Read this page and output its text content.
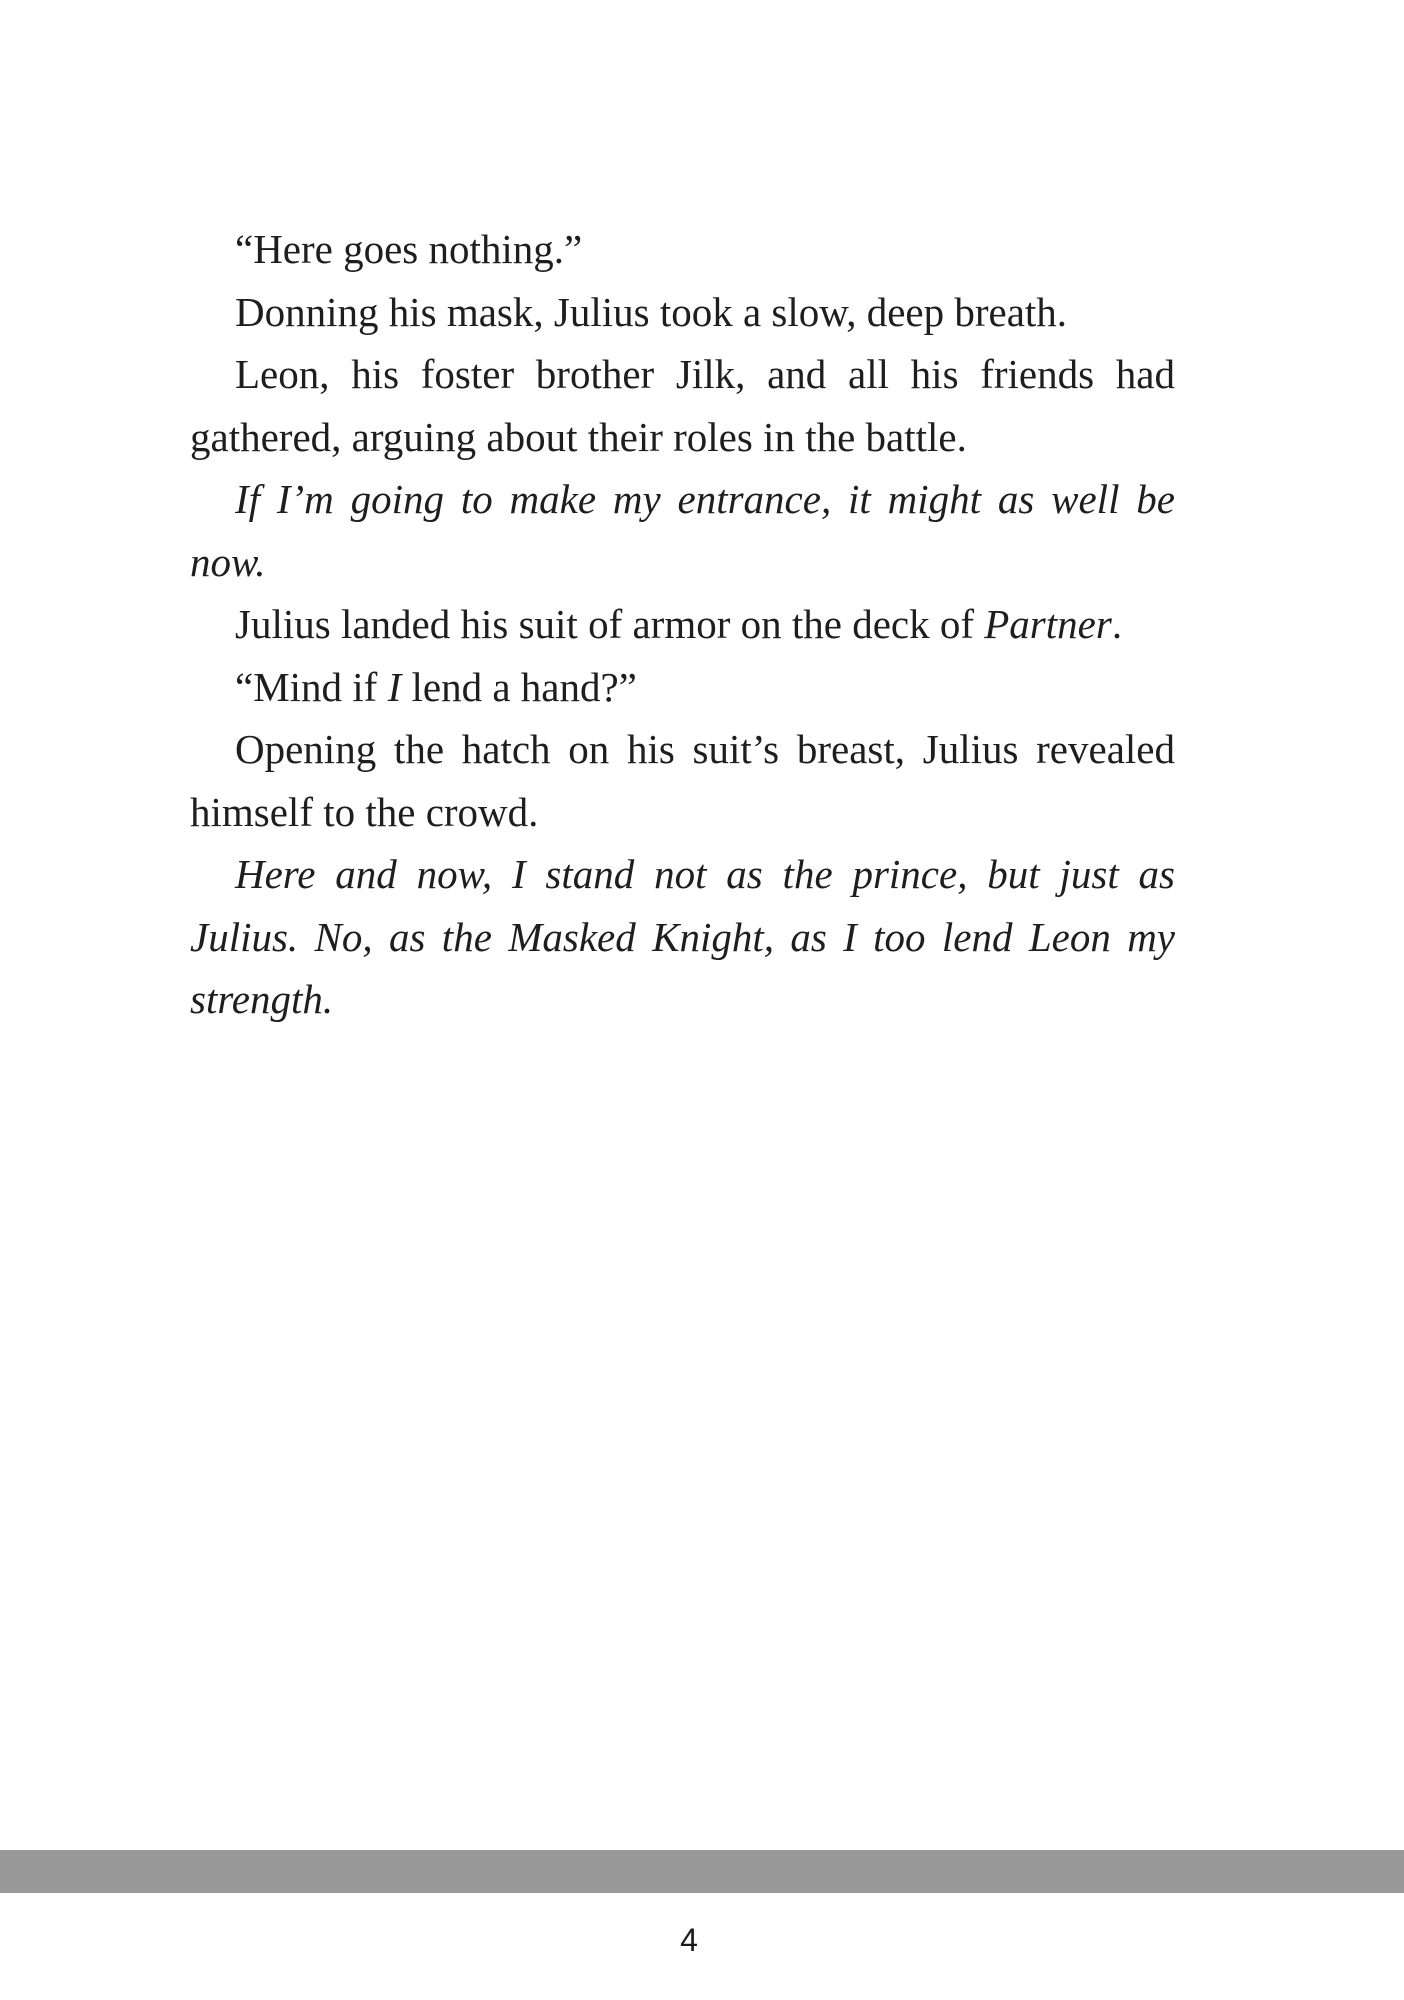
“Here goes nothing.”

Donning his mask, Julius took a slow, deep breath.

Leon, his foster brother Jilk, and all his friends had gathered, arguing about their roles in the battle.

If I’m going to make my entrance, it might as well be now.

Julius landed his suit of armor on the deck of Partner.

“Mind if I lend a hand?”

Opening the hatch on his suit’s breast, Julius revealed himself to the crowd.

Here and now, I stand not as the prince, but just as Julius. No, as the Masked Knight, as I too lend Leon my strength.

4
